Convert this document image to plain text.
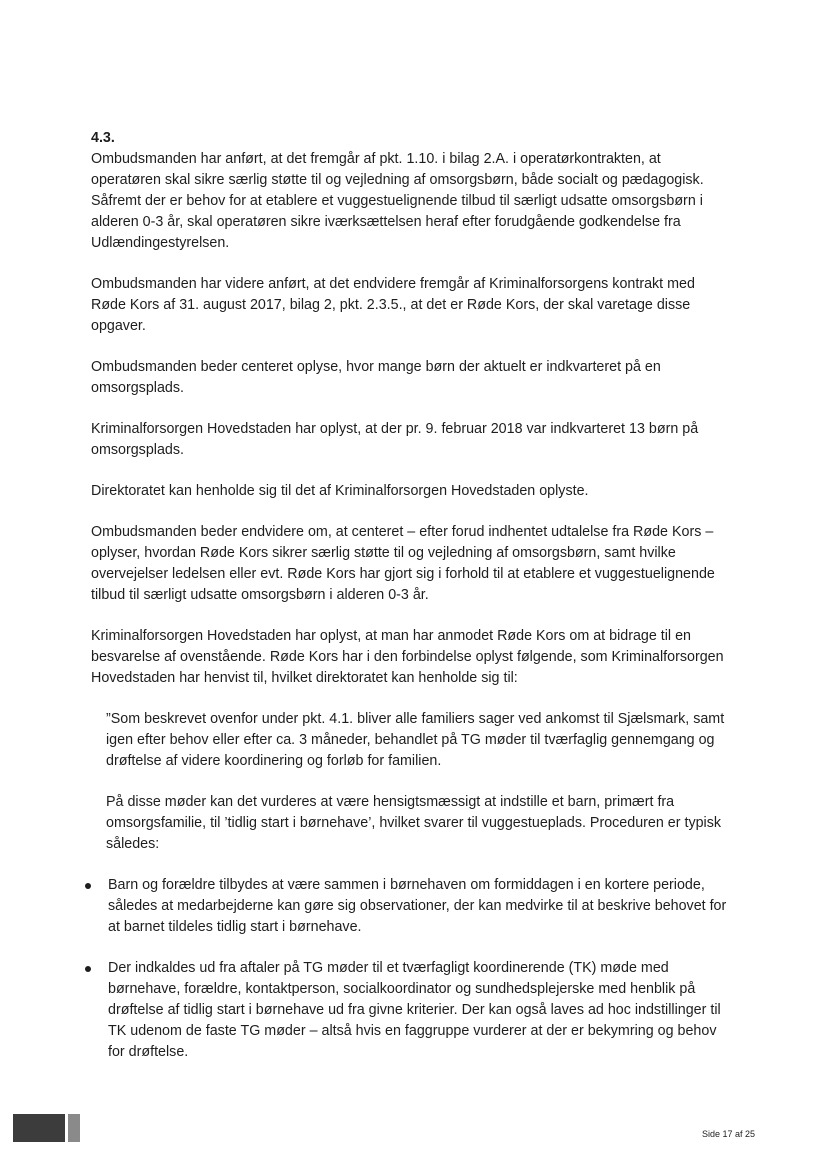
4.3.

Ombudsmanden har anført, at det fremgår af pkt. 1.10. i bilag 2.A. i operatørkontrakten, at operatøren skal sikre særlig støtte til og vejledning af omsorgsbørn, både socialt og pædagogisk. Såfremt der er behov for at etablere et vuggestuelignende tilbud til særligt udsatte omsorgsbørn i alderen 0-3 år, skal operatøren sikre iværksættelsen heraf efter forudgående godkendelse fra Udlændingestyrelsen.

Ombudsmanden har videre anført, at det endvidere fremgår af Kriminalforsorgens kontrakt med Røde Kors af 31. august 2017, bilag 2, pkt. 2.3.5., at det er Røde Kors, der skal varetage disse opgaver.

Ombudsmanden beder centeret oplyse, hvor mange børn der aktuelt er indkvarteret på en omsorgsplads.

Kriminalforsorgen Hovedstaden har oplyst, at der pr. 9. februar 2018 var indkvarteret 13 børn på omsorgsplads.

Direktoratet kan henholde sig til det af Kriminalforsorgen Hovedstaden oplyste.

Ombudsmanden beder endvidere om, at centeret – efter forud indhentet udtalelse fra Røde Kors – oplyser, hvordan Røde Kors sikrer særlig støtte til og vejledning af omsorgsbørn, samt hvilke overvejelser ledelsen eller evt. Røde Kors har gjort sig i forhold til at etablere et vuggestuelignende tilbud til særligt udsatte omsorgsbørn i alderen 0-3 år.

Kriminalforsorgen Hovedstaden har oplyst, at man har anmodet Røde Kors om at bidrage til en besvarelse af ovenstående. Røde Kors har i den forbindelse oplyst følgende, som Kriminalforsorgen Hovedstaden har henvist til, hvilket direktoratet kan henholde sig til:

”Som beskrevet ovenfor under pkt. 4.1. bliver alle familiers sager ved ankomst til Sjælsmark, samt igen efter behov eller efter ca. 3 måneder, behandlet på TG møder til tværfaglig gennemgang og drøftelse af videre koordinering og forløb for familien.

På disse møder kan det vurderes at være hensigtsmæssigt at indstille et barn, primært fra omsorgsfamilie, til ’tidlig start i børnehave’, hvilket svarer til vuggestueplads. Proceduren er typisk således:

Barn og forældre tilbydes at være sammen i børnehaven om formiddagen i en kortere periode, således at medarbejderne kan gøre sig observationer, der kan medvirke til at beskrive behovet for at barnet tildeles tidlig start i børnehave.
Der indkaldes ud fra aftaler på TG møder til et tværfagligt koordinerende (TK) møde med børnehave, forældre, kontaktperson, socialkoordinator og sundhedsplejerske med henblik på drøftelse af tidlig start i børnehave ud fra givne kriterier. Der kan også laves ad hoc indstillinger til TK udenom de faste TG møder – altså hvis en faggruppe vurderer at der er bekymring og behov for drøftelse.
Side 17 af 25
